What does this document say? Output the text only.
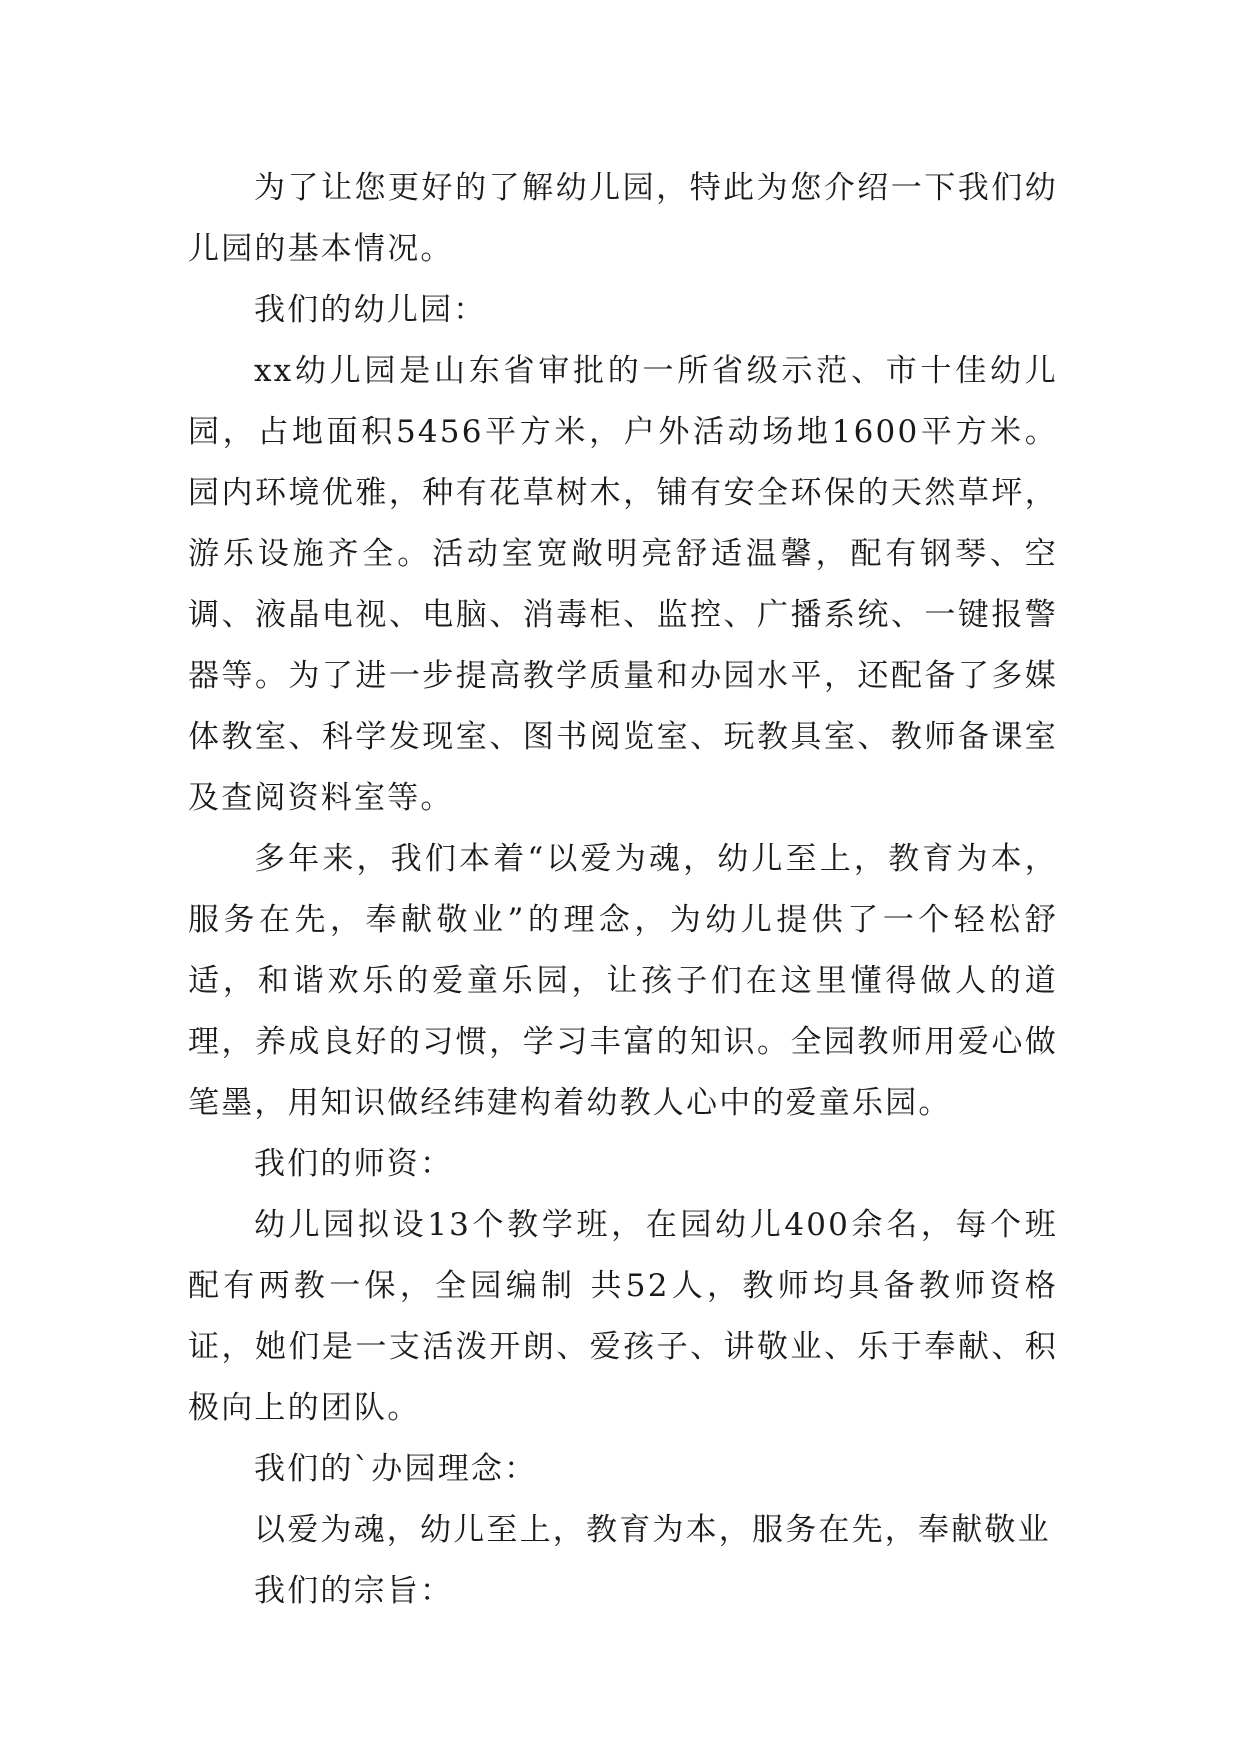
为了让您更好的了解幼儿园，特此为您介绍一下我们幼儿园的基本情况。

我们的幼儿园：

xx幼儿园是山东省审批的一所省级示范、市十佳幼儿园，占地面积5456平方米，户外活动场地1600平方米。园内环境优雅，种有花草树木，铺有安全环保的天然草坪，游乐设施齐全。活动室宽敞明亮舒适温馨，配有钢琴、空调、液晶电视、电脑、消毒柜、监控、广播系统、一键报警器等。为了进一步提高教学质量和办园水平，还配备了多媒体教室、科学发现室、图书阅览室、玩教具室、教师备课室及查阅资料室等。

多年来，我们本着“以爱为魂，幼儿至上，教育为本，服务在先，奉献敬业”的理念，为幼儿提供了一个轻松舒适，和谐欢乐的爱童乐园，让孩子们在这里懂得做人的道理，养成良好的习惯，学习丰富的知识。全园教师用爱心做笔墨，用知识做经纬建构着幼教人心中的爱童乐园。

我们的师资：

幼儿园拟设13个教学班，在园幼儿400余名，每个班配有两教一保，全园编制 共52人，教师均具备教师资格证，她们是一支活泼开朗、爱孩子、讲敬业、乐于奉献、积极向上的团队。

我们的`办园理念：

以爱为魂，幼儿至上，教育为本，服务在先，奉献敬业

我们的宗旨：
